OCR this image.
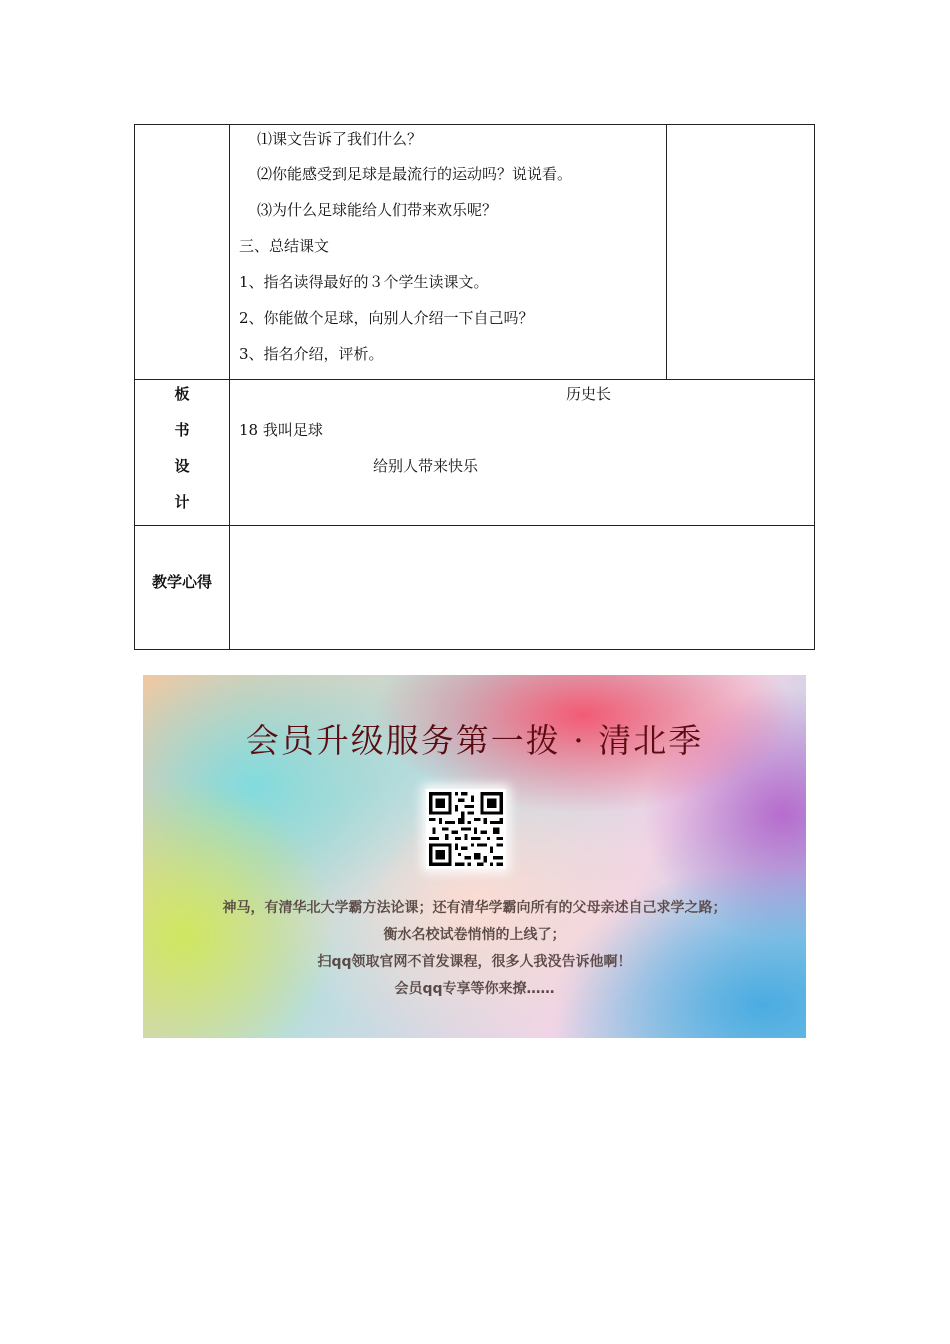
⑴课文告诉了我们什么？
⑵你能感受到足球是最流行的运动吗？说说看。
⑶为什么足球能给人们带来欢乐呢？
三、总结课文
1、指名读得最好的３个学生读课文。
2、你能做个足球，向别人介绍一下自己吗？
3、指名介绍，评析。
板
书
设
计
历史长
18 我叫足球
给别人带来快乐
教学心得
会员升级服务第一拨 · 清北季
神马，有清华北大学霸方法论课；还有清华学霸向所有的父母亲述自己求学之路；
衡水名校试卷悄悄的上线了；
扫qq领取官网不首发课程，很多人我没告诉他啊！
会员qq专享等你来撩……
